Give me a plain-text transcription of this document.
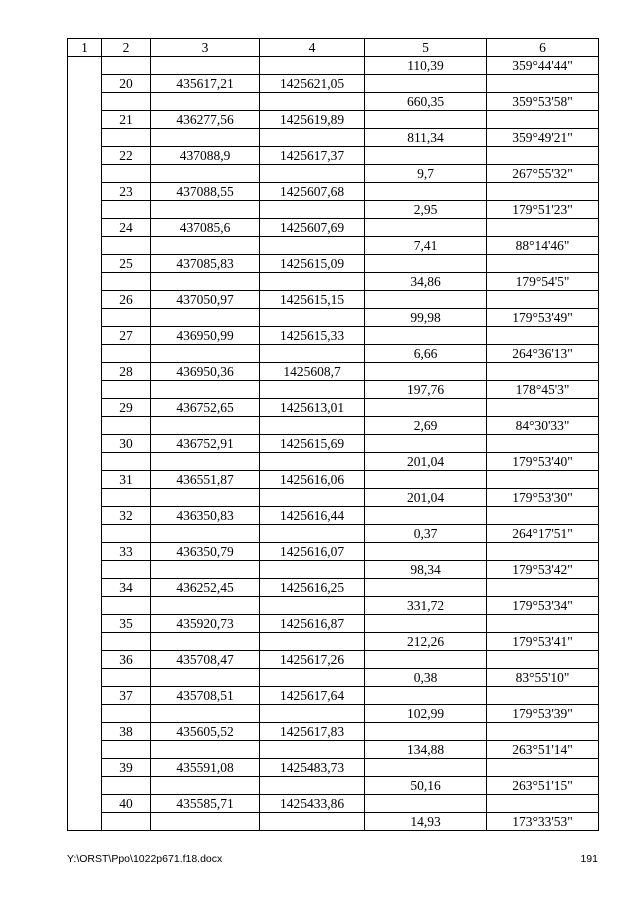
1	2	3	4	5	6
				110,39	359°44'44"
	20	435617,21	1425621,05		
				660,35	359°53'58"
	21	436277,56	1425619,89		
				811,34	359°49'21"
	22	437088,9	1425617,37		
				9,7	267°55'32"
	23	437088,55	1425607,68		
				2,95	179°51'23"
	24	437085,6	1425607,69		
				7,41	88°14'46"
	25	437085,83	1425615,09		
				34,86	179°54'5"
	26	437050,97	1425615,15		
				99,98	179°53'49"
	27	436950,99	1425615,33		
				6,66	264°36'13"
	28	436950,36	1425608,7		
				197,76	178°45'3"
	29	436752,65	1425613,01		
				2,69	84°30'33"
	30	436752,91	1425615,69		
				201,04	179°53'40"
	31	436551,87	1425616,06		
				201,04	179°53'30"
	32	436350,83	1425616,44		
				0,37	264°17'51"
	33	436350,79	1425616,07		
				98,34	179°53'42"
	34	436252,45	1425616,25		
				331,72	179°53'34"
	35	435920,73	1425616,87		
				212,26	179°53'41"
	36	435708,47	1425617,26		
				0,38	83°55'10"
	37	435708,51	1425617,64		
				102,99	179°53'39"
	38	435605,52	1425617,83		
				134,88	263°51'14"
	39	435591,08	1425483,73		
				50,16	263°51'15"
	40	435585,71	1425433,86		
				14,93	173°33'53"
Y:\ORST\Ppo\1022p671.f18.docx	191
